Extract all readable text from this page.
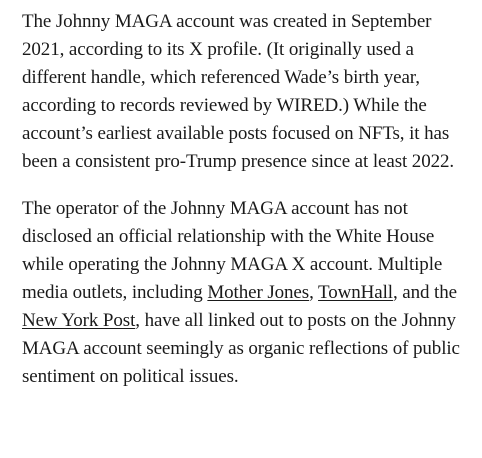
The Johnny MAGA account was created in September 2021, according to its X profile. (It originally used a different handle, which referenced Wade’s birth year, according to records reviewed by WIRED.) While the account’s earliest available posts focused on NFTs, it has been a consistent pro-Trump presence since at least 2022.

The operator of the Johnny MAGA account has not disclosed an official relationship with the White House while operating the Johnny MAGA X account. Multiple media outlets, including Mother Jones, TownHall, and the New York Post, have all linked out to posts on the Johnny MAGA account seemingly as organic reflections of public sentiment on political issues.
